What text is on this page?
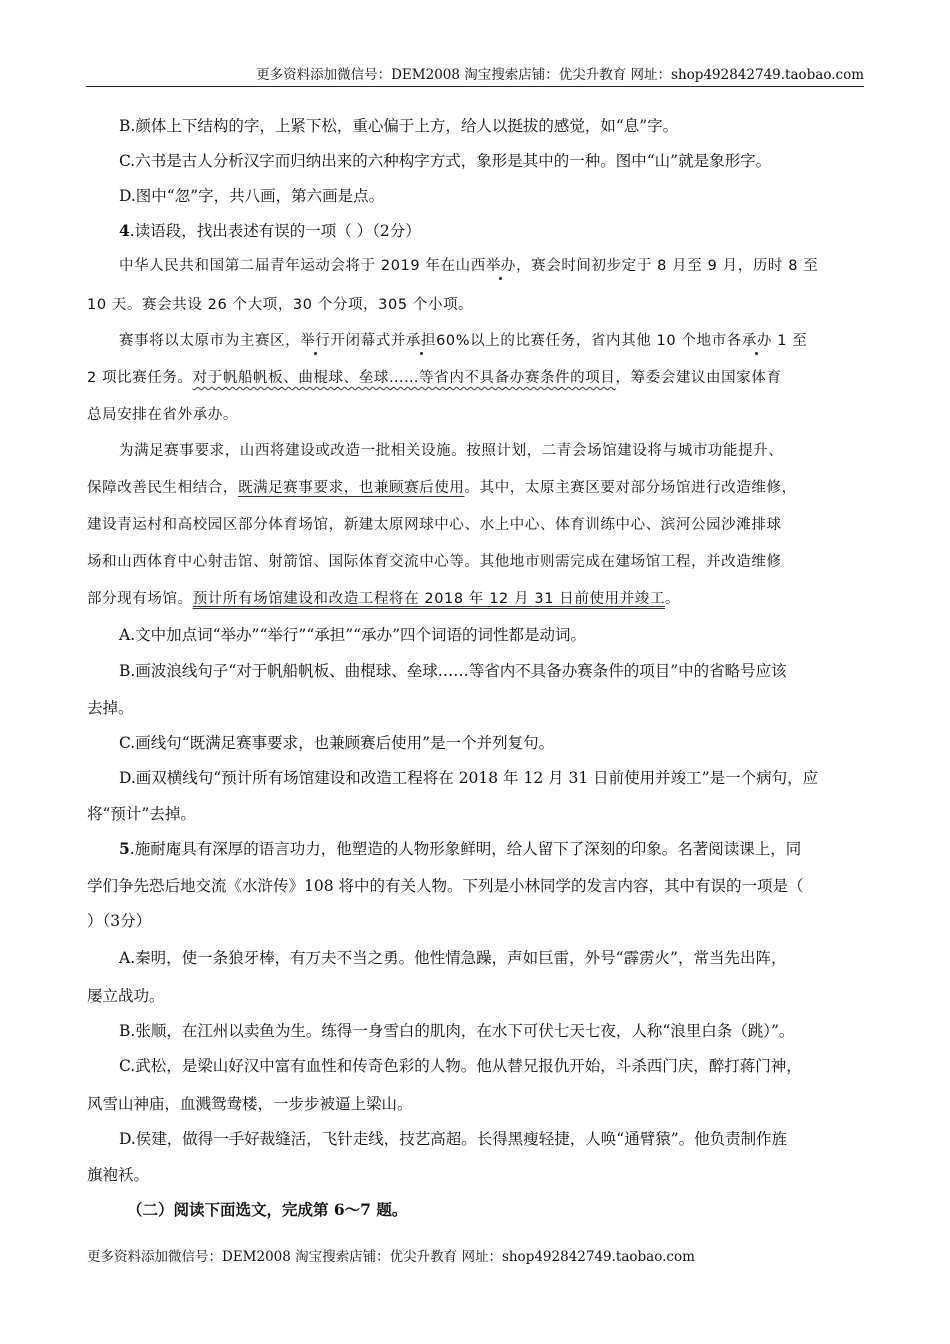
更多资料添加微信号：DEM2008 淘宝搜索店铺：优尖升教育 网址：shop492842749.taobao.com
B.颜体上下结构的字，上紧下松，重心偏于上方，给人以挺拔的感觉，如“息”字。
C.六书是古人分析汉字而归纳出来的六种构字方式，象形是其中的一种。图中“山”就是象形字。
D.图中“忽”字，共八画，第六画是点。
4.读语段，找出表述有误的一项（ ）（2分）
中华人民共和国第二届青年运动会将于 2019 年在山西举办，赛会时间初步定于 8 月至 9 月，历时 8 至
10 天。赛会共设 26 个大项，30 个分项，305 个小项。
赛事将以太原市为主赛区，举行开闭幕式并承担60%以上的比赛任务，省内其他 10 个地市各承办 1 至
2 项比赛任务。对于帆船帆板、曲棍球、垒球……等省内不具备办赛条件的项目，筹委会建议由国家体育
总局安排在省外承办。
为满足赛事要求，山西将建设或改造一批相关设施。按照计划，二青会场馆建设将与城市功能提升、
保障改善民生相结合，既满足赛事要求，也兼顾赛后使用。其中，太原主赛区要对部分场馆进行改造维修，
建设青运村和高校园区部分体育场馆，新建太原网球中心、水上中心、体育训练中心、滨河公园沙滩排球
场和山西体育中心射击馆、射箭馆、国际体育交流中心等。其他地市则需完成在建场馆工程，并改造维修
部分现有场馆。预计所有场馆建设和改造工程将在 2018 年 12 月 31 日前使用并竣工。
A.文中加点词“举办”“举行”“承担”“承办”四个词语的词性都是动词。
B.画波浪线句子“对于帆船帆板、曲棍球、垒球……等省内不具备办赛条件的项目”中的省略号应该
去掉。
C.画线句“既满足赛事要求，也兼顾赛后使用”是一个并列复句。
D.画双横线句“预计所有场馆建设和改造工程将在 2018 年 12 月 31 日前使用并竣工”是一个病句，应
将“预计”去掉。
5.施耐庵具有深厚的语言功力，他塑造的人物形象鲜明，给人留下了深刻的印象。名著阅读课上，同
学们争先恐后地交流《水浒传》108 将中的有关人物。下列是小林同学的发言内容，其中有误的一项是（
）（3分）
A.秦明，使一条狼牙棒，有万夫不当之勇。他性情急躁，声如巨雷，外号“霹雳火”，常当先出阵，
屡立战功。
B.张顺，在江州以卖鱼为生。练得一身雪白的肌肉，在水下可伏七天七夜，人称“浪里白条（跳）”。
C.武松，是梁山好汉中富有血性和传奇色彩的人物。他从替兄报仇开始，斗杀西门庆，醉打蒋门神，
风雪山神庙，血溅鸳鸯楼，一步步被逼上梁山。
D.侯建，做得一手好裁缝活，飞针走线，技艺高超。长得黑瘦轻捷，人唤“通臂猿”。他负责制作旌
旗袍袄。
（二）阅读下面选文，完成第 6～7 题。
更多资料添加微信号：DEM2008 淘宝搜索店铺：优尖升教育 网址：shop492842749.taobao.com
